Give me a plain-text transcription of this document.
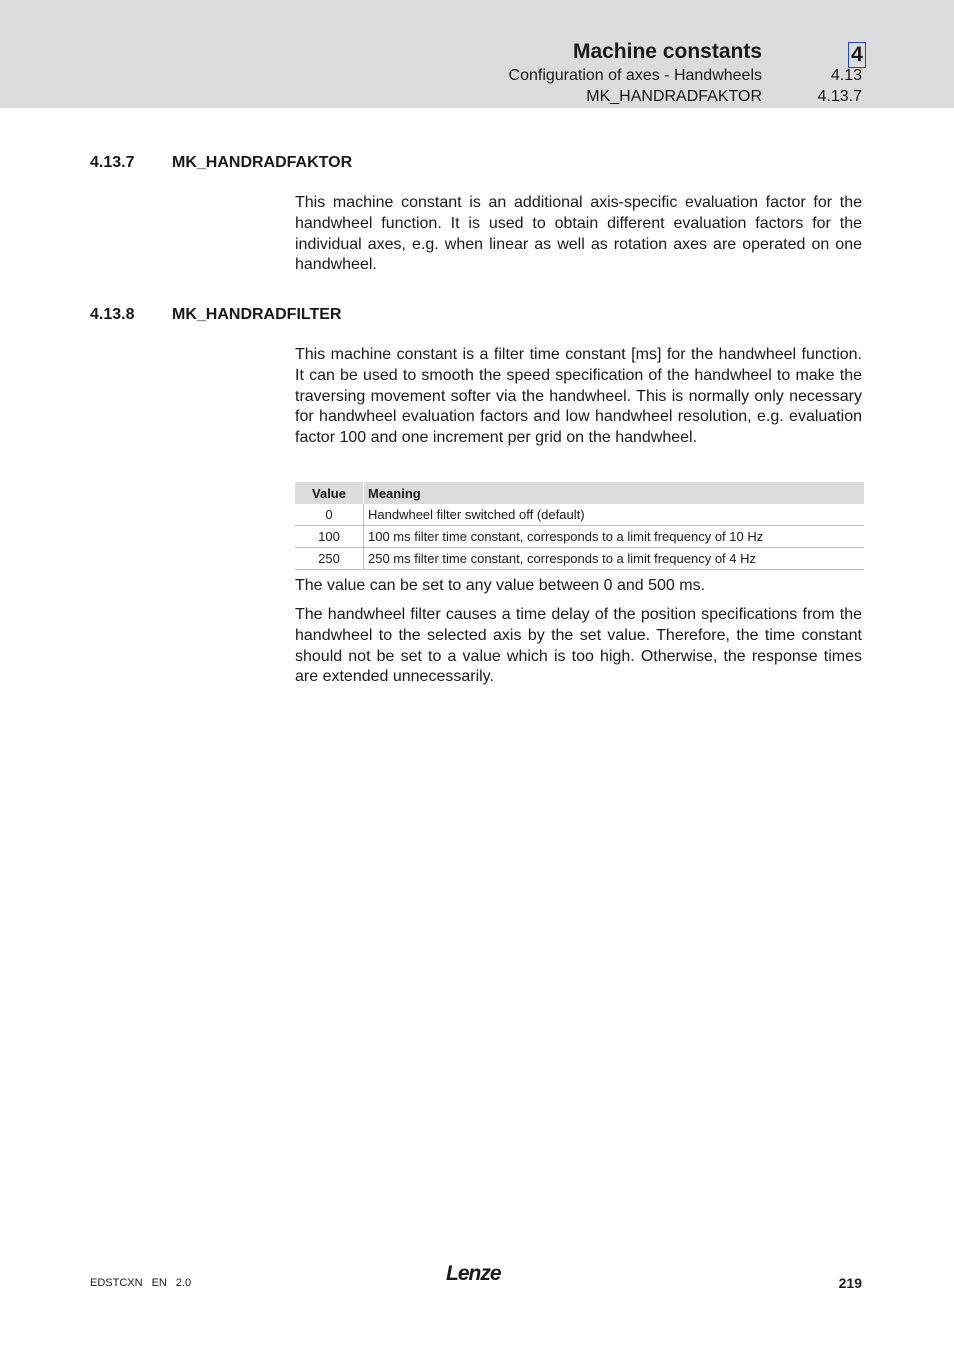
Machine constants	4
Configuration of axes - Handwheels	4.13
MK_HANDRADFAKTOR	4.13.7
4.13.7 MK_HANDRADFAKTOR

This machine constant is an additional axis-specific evaluation factor for the handwheel function. It is used to obtain different evaluation factors for the individual axes, e.g. when linear as well as rotation axes are operated on one handwheel.

4.13.8 MK_HANDRADFILTER

This machine constant is a filter time constant [ms] for the handwheel function. It can be used to smooth the speed specification of the handwheel to make the traversing movement softer via the handwheel. This is normally only necessary for handwheel evaluation factors and low handwheel resolution, e.g. evaluation factor 100 and one increment per grid on the handwheel.

Value	Meaning
0	Handwheel filter switched off (default)
100	100 ms filter time constant, corresponds to a limit frequency of 10 Hz
250	250 ms filter time constant, corresponds to a limit frequency of 4 Hz

The value can be set to any value between 0 and 500 ms.

The handwheel filter causes a time delay of the position specifications from the handwheel to the selected axis by the set value. Therefore, the time constant should not be set to a value which is too high. Otherwise, the response times are extended unnecessarily.

EDSTCXN EN 2.0	Lenze	219
